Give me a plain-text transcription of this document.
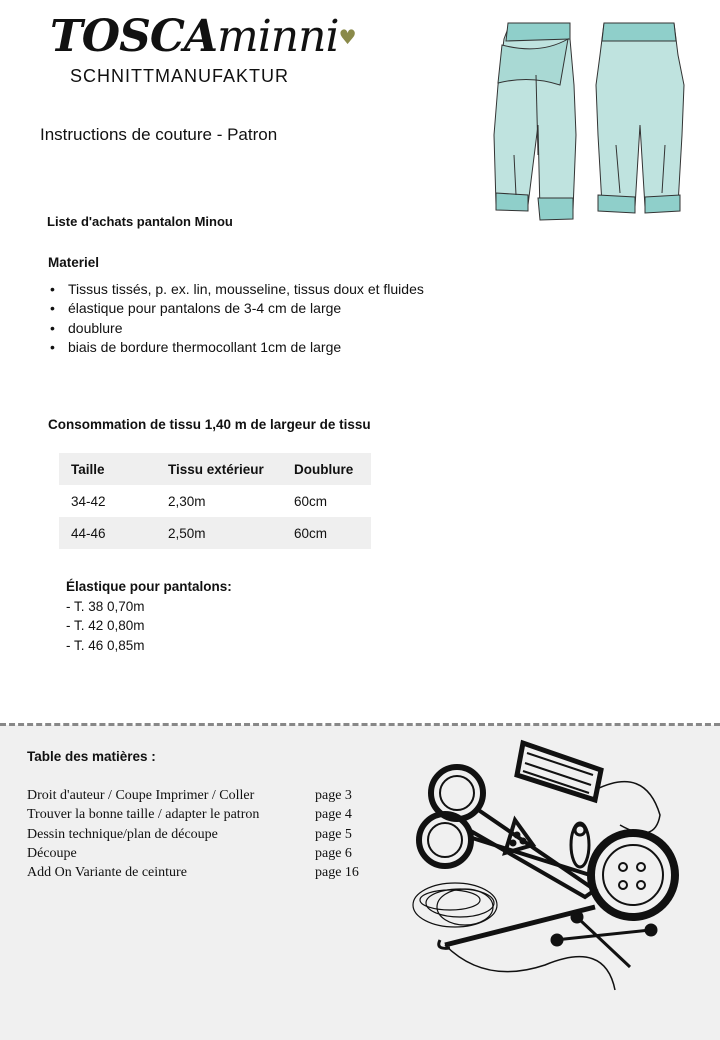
TOSCAminni♥
SCHNITTMANUFAKTUR
Instructions de couture - Patron
Liste d'achats pantalon Minou
Materiel
• Tissus tissés, p. ex. lin, mousseline, tissus doux et fluides
• élastique pour pantalons de 3-4 cm de large
• doublure
• biais de bordure thermocollant 1cm de large
Consommation de tissu 1,40 m de largeur de tissu
Taille	Tissu extérieur	Doublure
34-42	2,30m	60cm
44-46	2,50m	60cm
Élastique pour pantalons:
- T. 38 0,70m
- T. 42 0,80m
- T. 46 0,85m
Table des matières :
Droit d'auteur / Coupe Imprimer / Coller	page 3
Trouver la bonne taille / adapter le patron	page 4
Dessin technique/plan de découpe	page 5
Découpe	page 6
Add On Variante de ceinture	page 16
